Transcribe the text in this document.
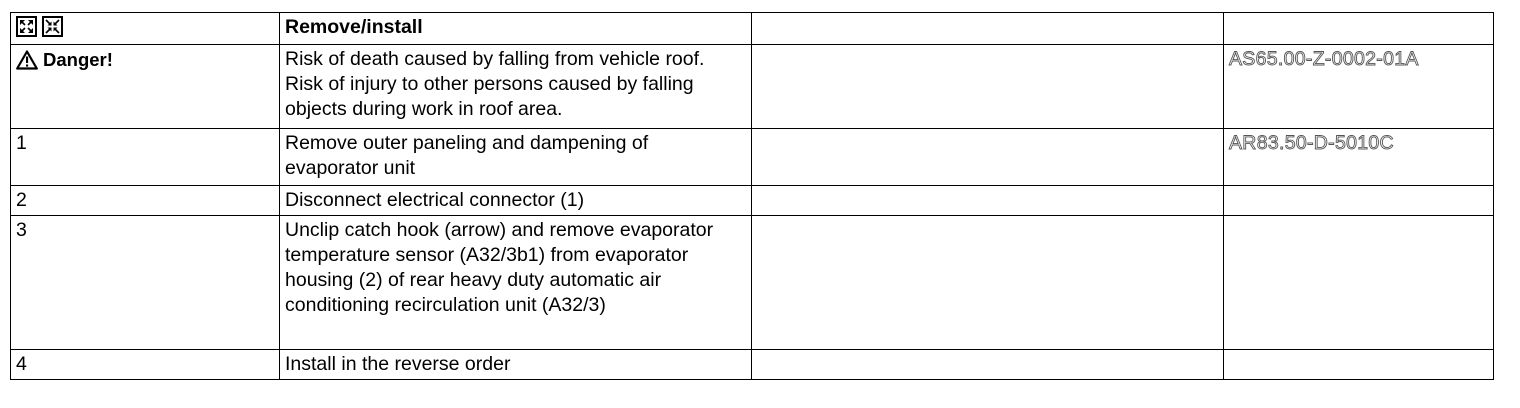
	Remove/install		

Danger!	Risk of death caused by falling from vehicle roof. Risk of injury to other persons caused by falling objects during work in roof area.		AS65.00-Z-0002-01A
1	Remove outer paneling and dampening of evaporator unit		AR83.50-D-5010C
2	Disconnect electrical connector (1)		
3	Unclip catch hook (arrow) and remove evaporator temperature sensor (A32/3b1) from evaporator housing (2) of rear heavy duty automatic air conditioning recirculation unit (A32/3)		
4	Install in the reverse order		
